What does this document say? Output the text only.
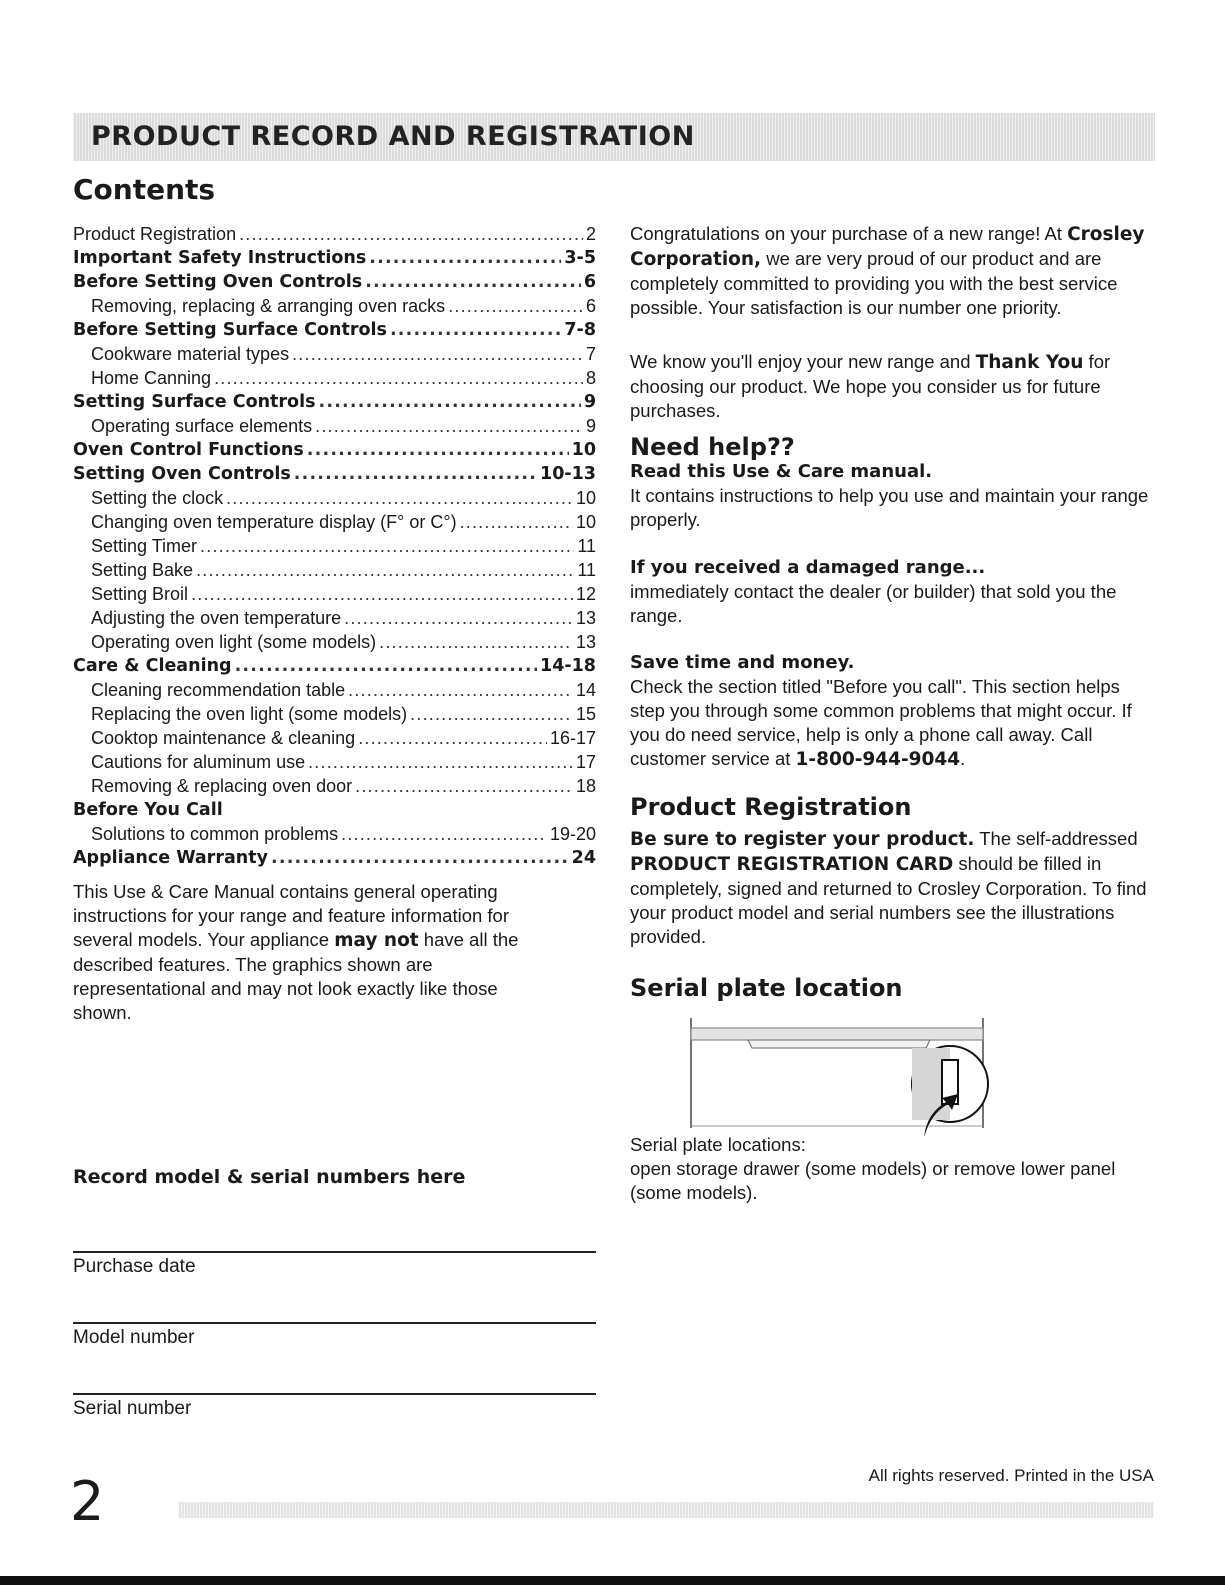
PRODUCT RECORD AND REGISTRATION
Contents
Product Registration .....	2
Important Safety Instructions .....	3-5
Before Setting Oven Controls .....	6
Removing, replacing & arranging oven racks .....	6
Before Setting Surface Controls .....	7-8
Cookware material types .....	7
Home Canning .....	8
Setting Surface Controls .....	9
Operating surface elements .....	9
Oven Control Functions .....	10
Setting Oven Controls .....	10-13
Setting the clock .....	10
Changing oven temperature display (F° or C°) .....	10
Setting Timer .....	11
Setting Bake .....	11
Setting Broil .....	12
Adjusting the oven temperature .....	13
Operating oven light (some models) .....	13
Care & Cleaning .....	14-18
Cleaning recommendation table .....	14
Replacing the oven light (some models) .....	15
Cooktop maintenance & cleaning .....	16-17
Cautions for aluminum use .....	17
Removing & replacing oven door .....	18
Before You Call
Solutions to common problems .....	19-20
Appliance Warranty .....	24
This Use & Care Manual contains general operating instructions for your range and feature information for several models. Your appliance may not have all the described features. The graphics shown are representational and may not look exactly like those shown.
Record model & serial numbers here
Purchase date
Model number
Serial number
Congratulations on your purchase of a new range! At Crosley Corporation, we are very proud of our product and are completely committed to providing you with the best service possible. Your satisfaction is our number one priority.
We know you'll enjoy your new range and Thank You for choosing our product. We hope you consider us for future purchases.
Need help??
Read this Use & Care manual.
It contains instructions to help you use and maintain your range properly.
If you received a damaged range...
immediately contact the dealer (or builder) that sold you the range.
Save time and money.
Check the section titled "Before you call". This section helps step you through some common problems that might occur. If you do need service, help is only a phone call away. Call customer service at 1-800-944-9044.
Product Registration
Be sure to register your product. The self-addressed PRODUCT REGISTRATION CARD should be filled in completely, signed and returned to Crosley Corporation. To find your product model and serial numbers see the illustrations provided.
Serial plate location
Serial plate locations:
open storage drawer (some models) or remove lower panel (some models).
All rights reserved. Printed in the USA
2
